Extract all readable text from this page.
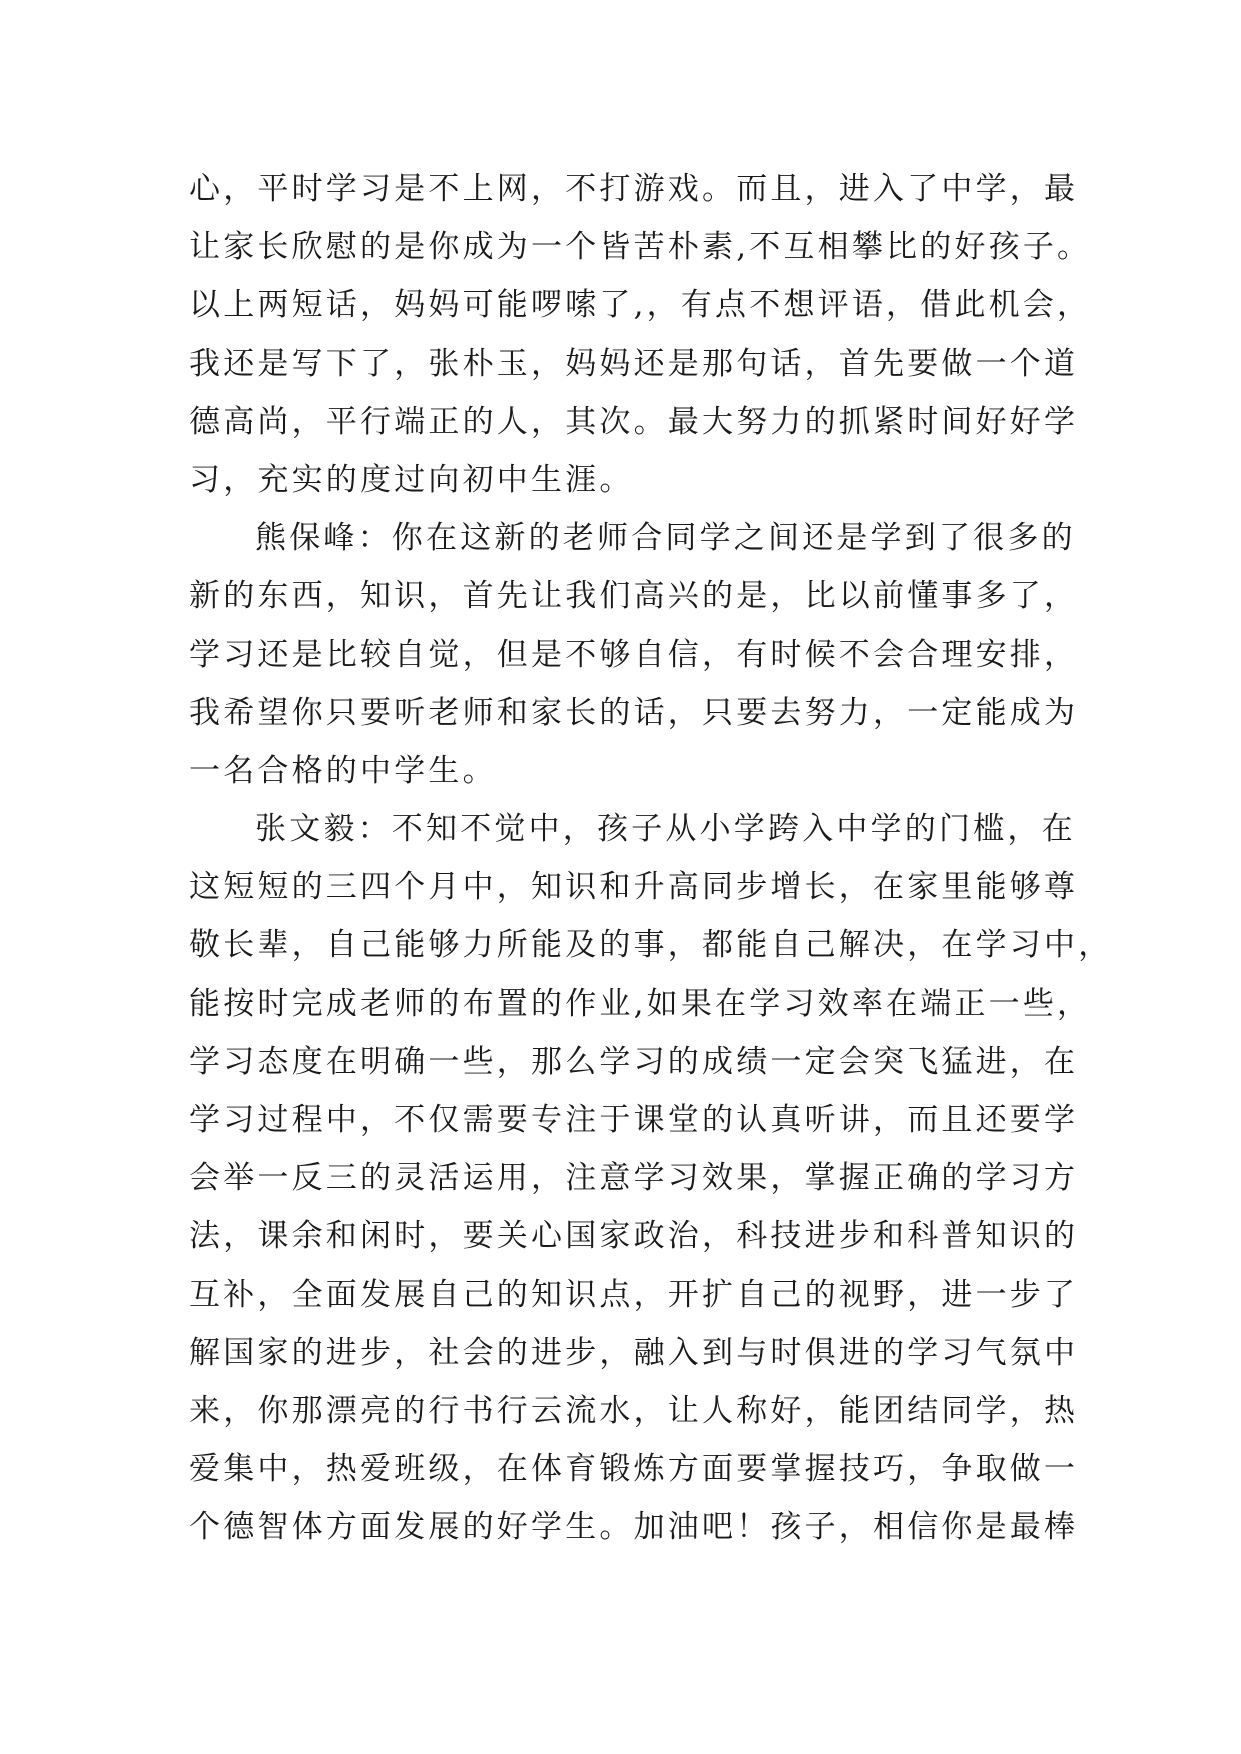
心，平时学习是不上网，不打游戏。而且，进入了中学，最
让家长欣慰的是你成为一个皆苦朴素,不互相攀比的好孩子。
以上两短话，妈妈可能啰嗦了,，有点不想评语，借此机会，
我还是写下了，张朴玉，妈妈还是那句话，首先要做一个道
德高尚，平行端正的人，其次。最大努力的抓紧时间好好学
习，充实的度过向初中生涯。
熊保峰：你在这新的老师合同学之间还是学到了很多的
新的东西，知识，首先让我们高兴的是，比以前懂事多了，
学习还是比较自觉，但是不够自信，有时候不会合理安排，
我希望你只要听老师和家长的话，只要去努力，一定能成为
一名合格的中学生。
张文毅：不知不觉中，孩子从小学跨入中学的门槛，在
这短短的三四个月中，知识和升高同步增长，在家里能够尊
敬长辈，自己能够力所能及的事，都能自己解决，在学习中，
能按时完成老师的布置的作业,如果在学习效率在端正一些，
学习态度在明确一些，那么学习的成绩一定会突飞猛进，在
学习过程中，不仅需要专注于课堂的认真听讲，而且还要学
会举一反三的灵活运用，注意学习效果，掌握正确的学习方
法，课余和闲时，要关心国家政治，科技进步和科普知识的
互补，全面发展自己的知识点，开扩自己的视野，进一步了
解国家的进步，社会的进步，融入到与时俱进的学习气氛中
来，你那漂亮的行书行云流水，让人称好，能团结同学，热
爱集中，热爱班级，在体育锻炼方面要掌握技巧，争取做一
个德智体方面发展的好学生。加油吧！孩子，相信你是最棒
